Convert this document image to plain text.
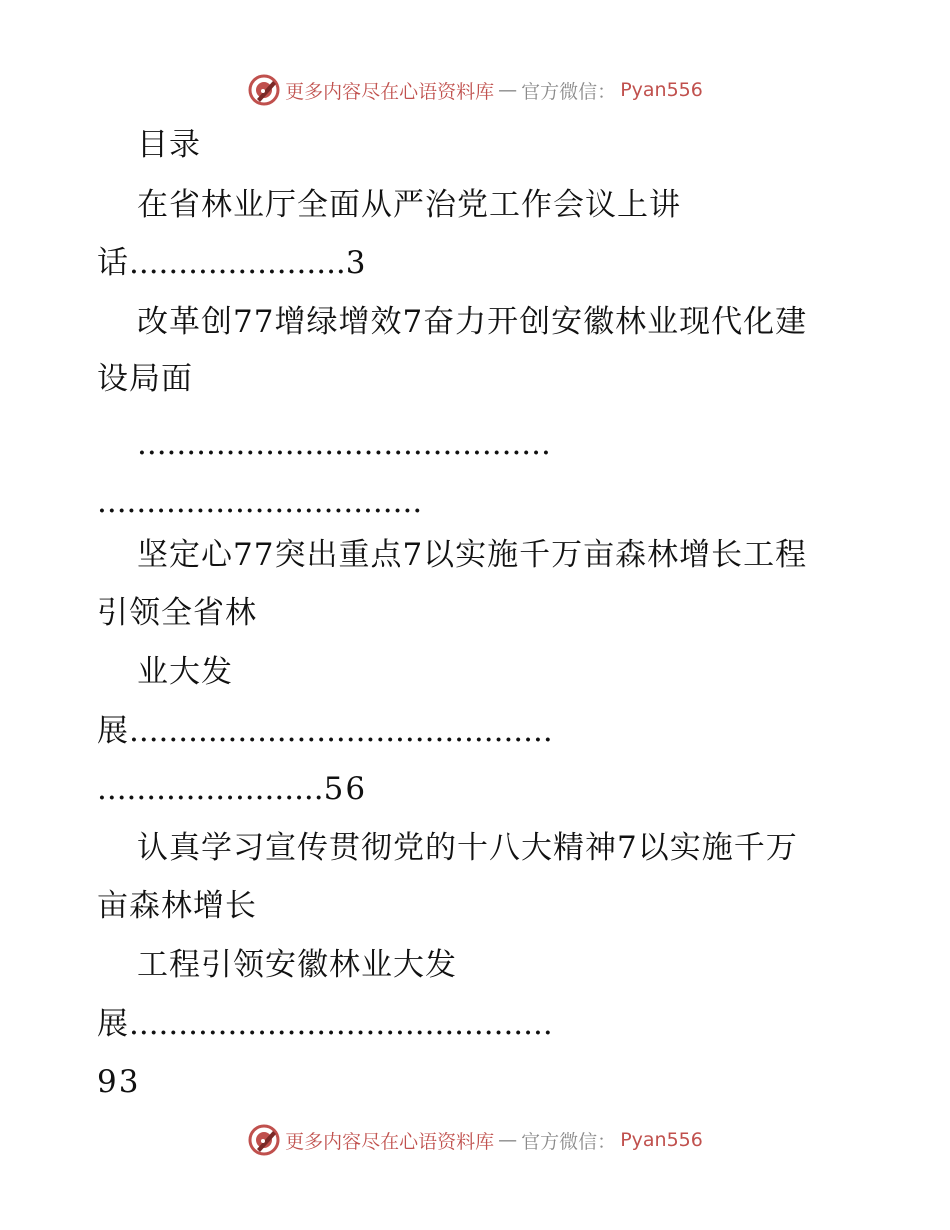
更多内容尽在心语资料库 — 官方微信： Pyan556
目录
在省林业厅全面从严治党工作会议上讲
话......................3
改革创77增绿增效7奋力开创安徽林业现代化建
设局面
..........................................
.................................
坚定心77突出重点7以实施千万亩森林增长工程
引领全省林
业大发
展...........................................
.......................56
认真学习宣传贯彻党的十八大精神7以实施千万
亩森林增长
工程引领安徽林业大发
展...........................................
93
更多内容尽在心语资料库 — 官方微信： Pyan556
